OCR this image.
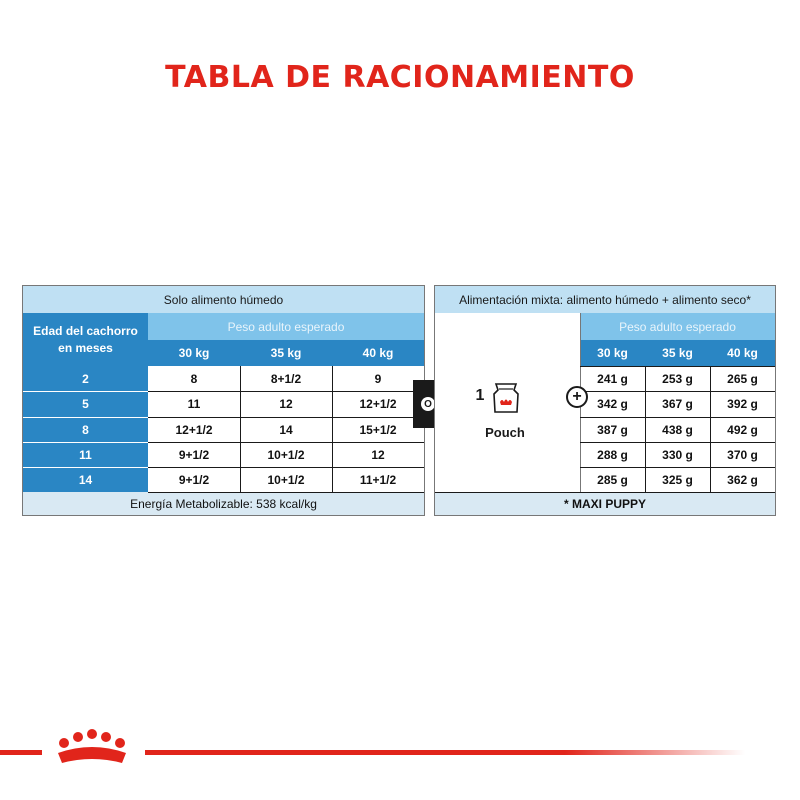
TABLA DE RACIONAMIENTO
Solo alimento húmedo
Edad del cachorro
en meses
Peso adulto esperado
30 kg	35 kg	40 kg
2	8	8+1/2	9
5	11	12	12+1/2
8	12+1/2	14	15+1/2
11	9+1/2	10+1/2	12
14	9+1/2	10+1/2	11+1/2
Energía Metabolizable: 538 kcal/kg
O
Alimentación mixta: alimento húmedo + alimento seco*
1
Pouch
Peso adulto esperado
30 kg	35 kg	40 kg
241 g	253 g	265 g
342 g	367 g	392 g
387 g	438 g	492 g
288 g	330 g	370 g
285 g	325 g	362 g
* MAXI PUPPY
+
